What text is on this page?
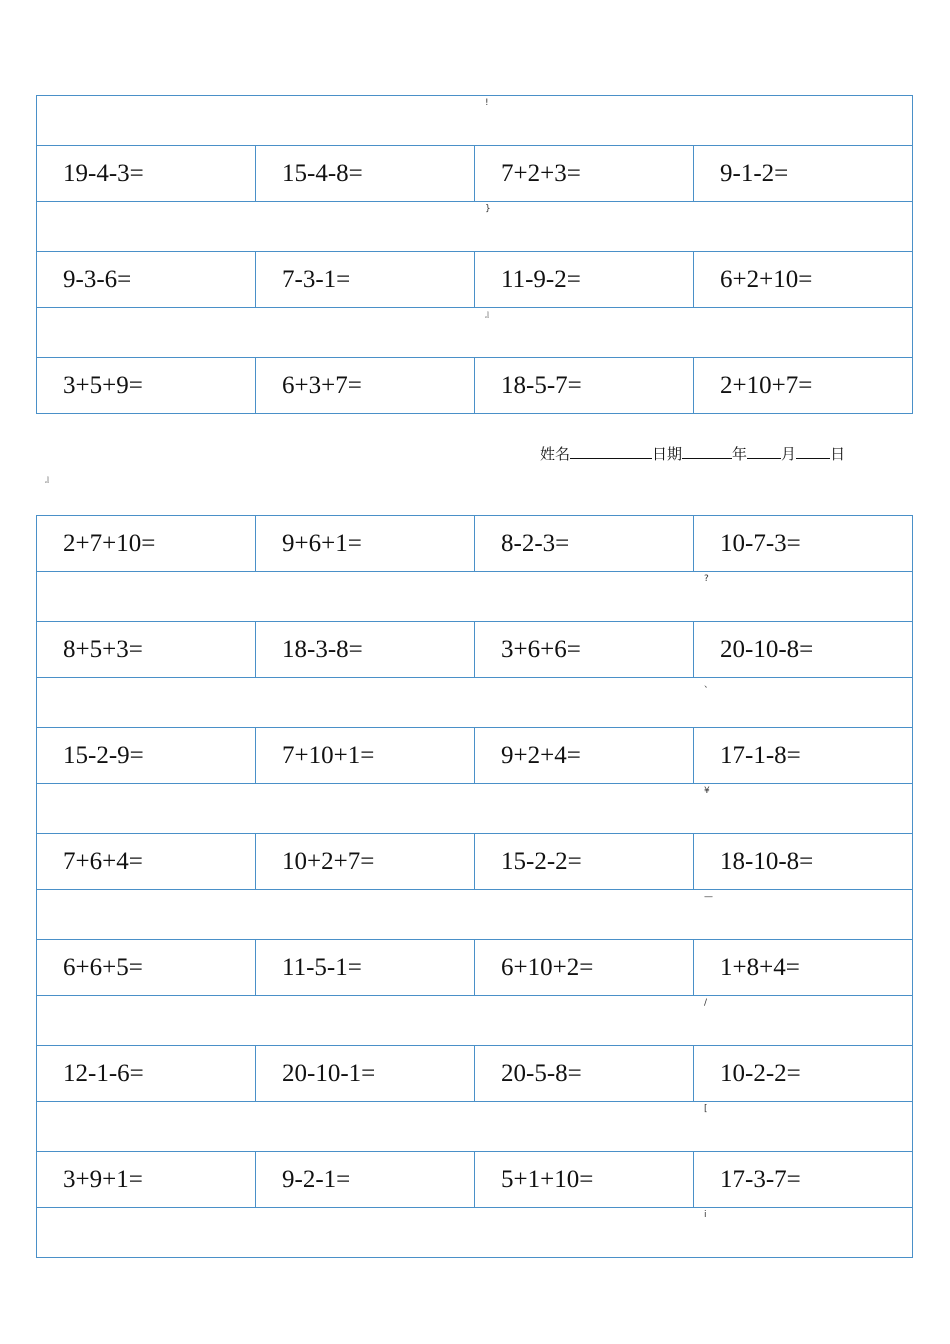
!			

19-4-3=	15-4-8=	7+2+3=	9-1-2=

}			

9-3-6=	7-3-1=	11-9-2=	6+2+10=

』			

3+5+9=	6+3+7=	18-5-7=	2+10+7=
姓名	日期	年 月 日
』
2+7+10=	9+6+1=	8-2-3=	10-7-3=

?			

8+5+3=	18-3-8=	3+6+6=	20-10-8=

、			

15-2-9=	7+10+1=	9+2+4=	17-1-8=

¥			

7+6+4=	10+2+7=	15-2-2=	18-10-8=

—			

6+6+5=	11-5-1=	6+10+2=	1+8+4=

/			

12-1-6=	20-10-1=	20-5-8=	10-2-2=

[			

3+9+1=	9-2-1=	5+1+10=	17-3-7=

i			
